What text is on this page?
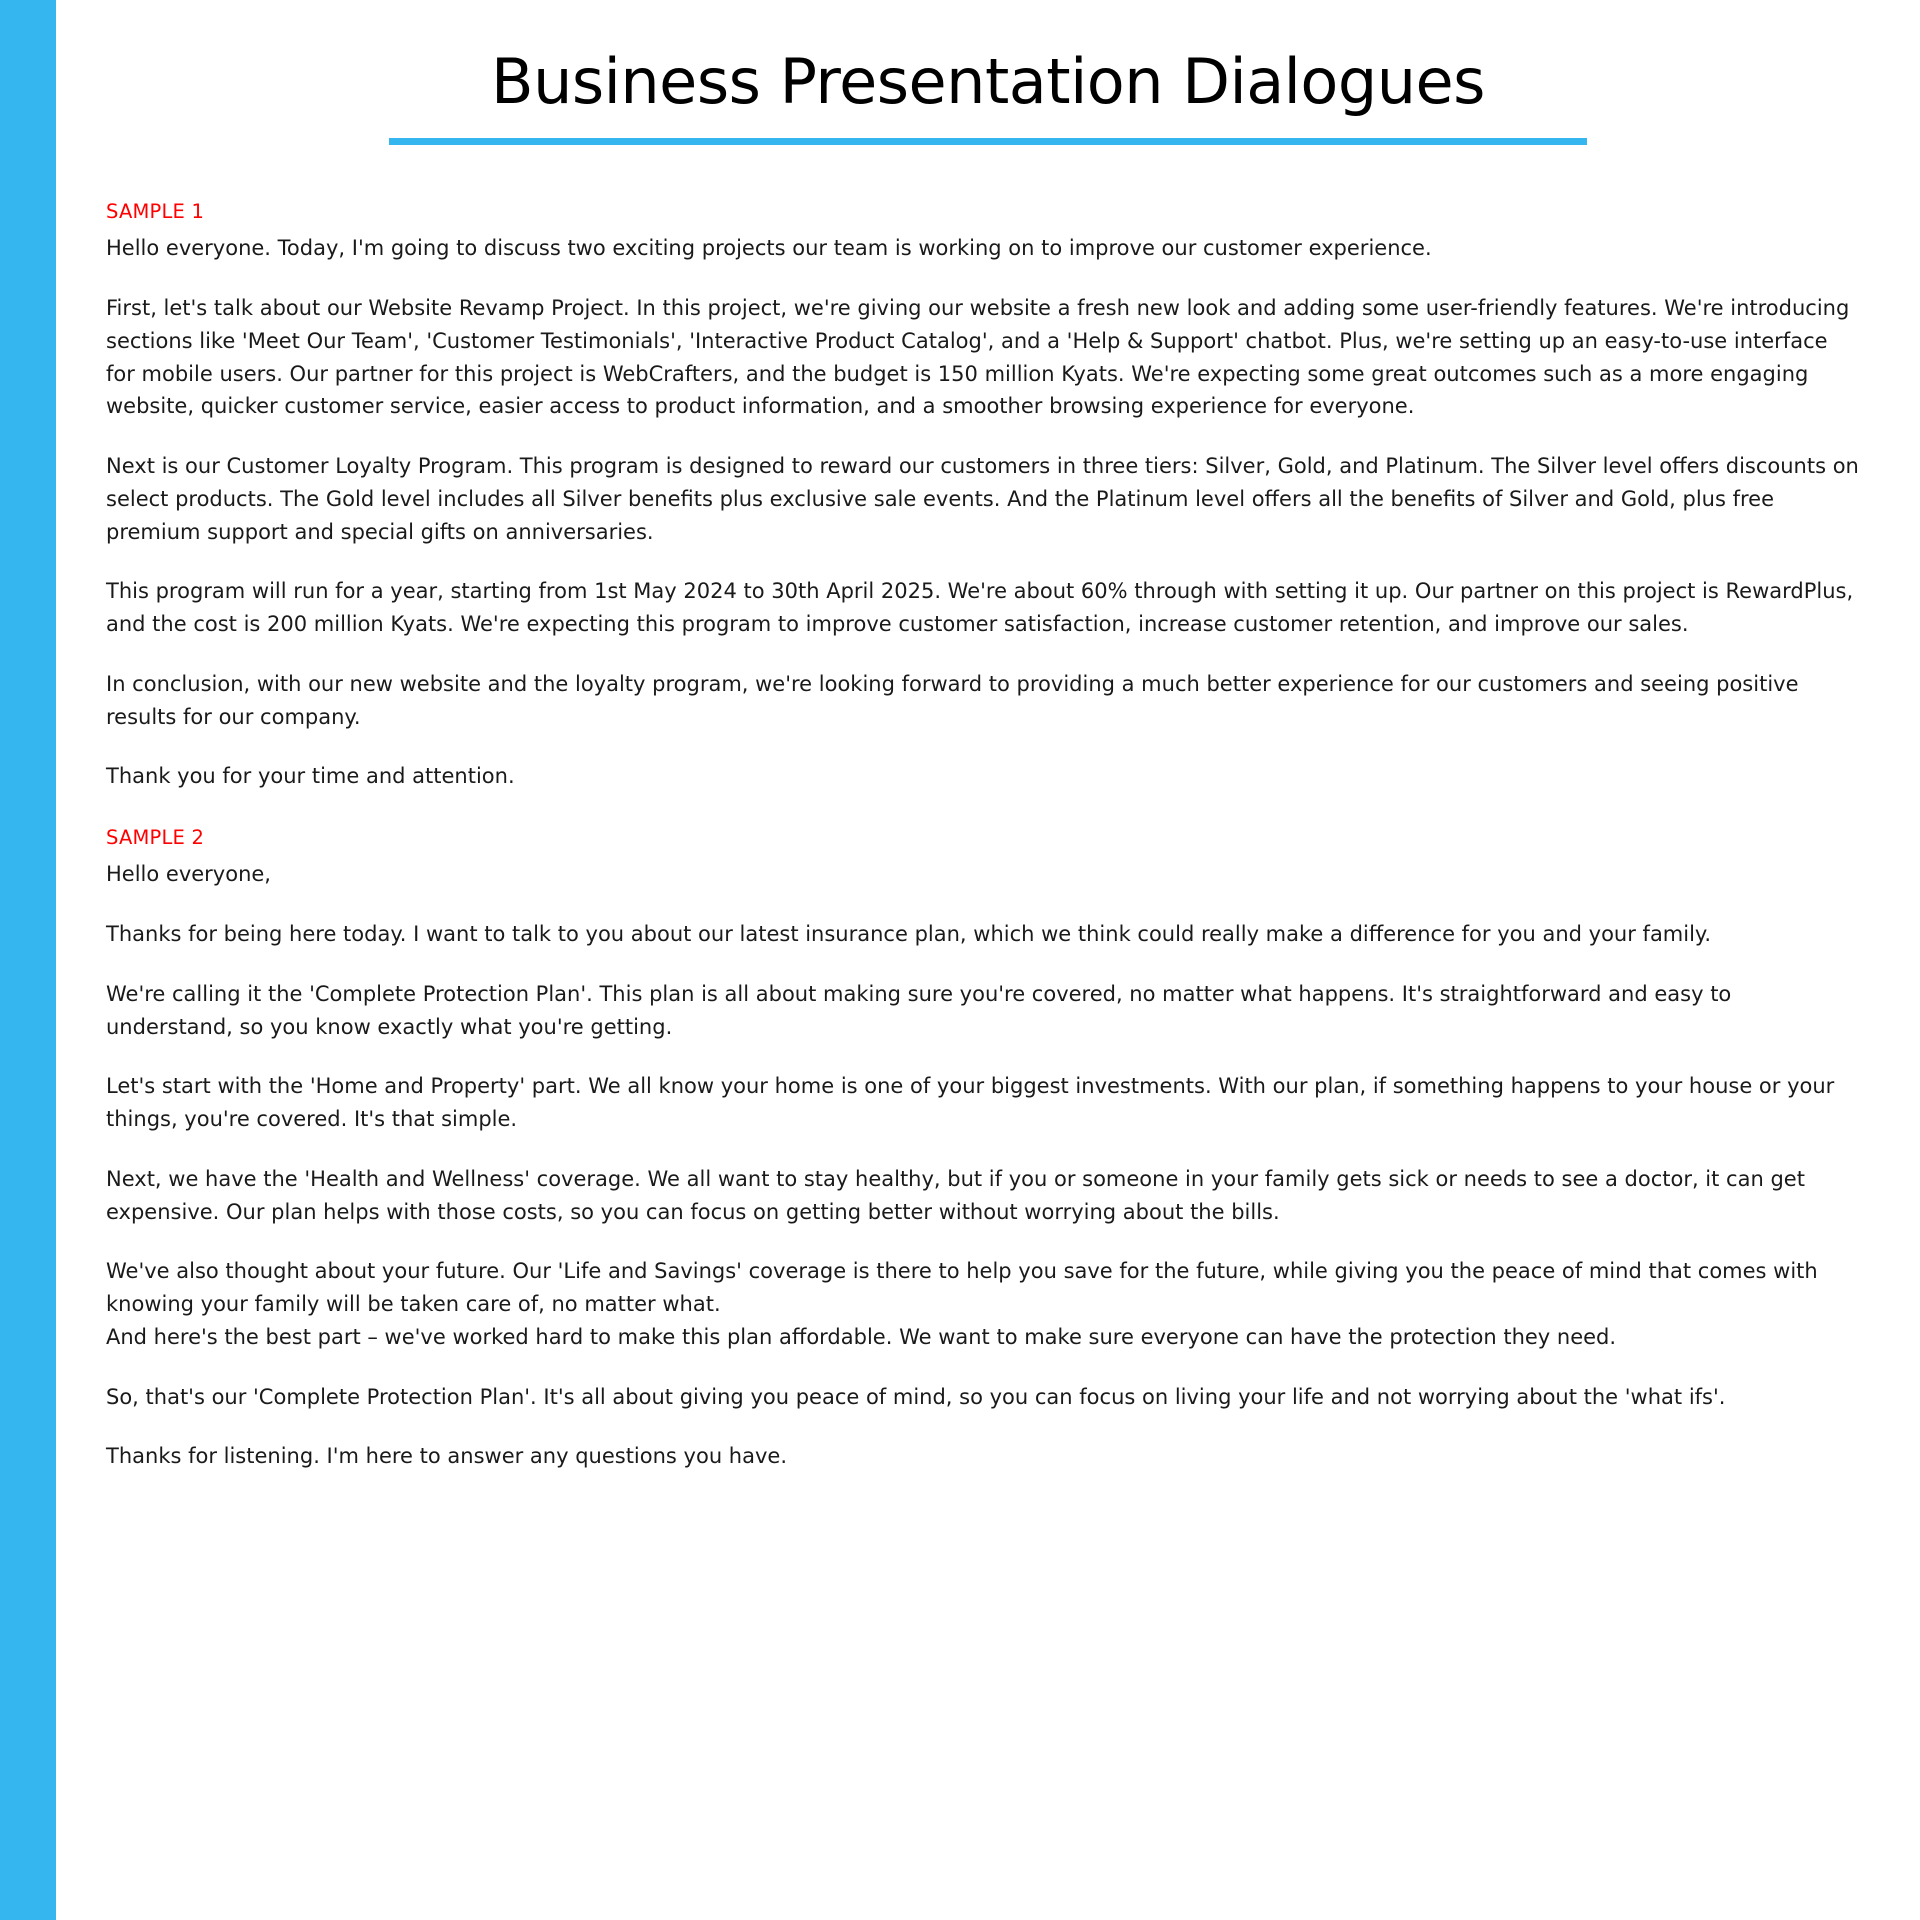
Business Presentation Dialogues
SAMPLE 1

Hello everyone. Today, I'm going to discuss two exciting projects our team is working on to improve our customer experience.

First, let's talk about our Website Revamp Project. In this project, we're giving our website a fresh new look and adding some user-friendly features. We're introducing sections like 'Meet Our Team', 'Customer Testimonials', 'Interactive Product Catalog', and a 'Help & Support' chatbot. Plus, we're setting up an easy-to-use interface for mobile users. Our partner for this project is WebCrafters, and the budget is 150 million Kyats. We're expecting some great outcomes such as a more engaging website, quicker customer service, easier access to product information, and a smoother browsing experience for everyone.

Next is our Customer Loyalty Program. This program is designed to reward our customers in three tiers: Silver, Gold, and Platinum. The Silver level offers discounts on select products. The Gold level includes all Silver benefits plus exclusive sale events. And the Platinum level offers all the benefits of Silver and Gold, plus free premium support and special gifts on anniversaries.

This program will run for a year, starting from 1st May 2024 to 30th April 2025. We're about 60% through with setting it up. Our partner on this project is RewardPlus, and the cost is 200 million Kyats. We're expecting this program to improve customer satisfaction, increase customer retention, and improve our sales.

In conclusion, with our new website and the loyalty program, we're looking forward to providing a much better experience for our customers and seeing positive results for our company.

Thank you for your time and attention.

SAMPLE 2

Hello everyone,

Thanks for being here today. I want to talk to you about our latest insurance plan, which we think could really make a difference for you and your family.

We're calling it the 'Complete Protection Plan'. This plan is all about making sure you're covered, no matter what happens. It's straightforward and easy to understand, so you know exactly what you're getting.

Let's start with the 'Home and Property' part. We all know your home is one of your biggest investments. With our plan, if something happens to your house or your things, you're covered. It's that simple.

Next, we have the 'Health and Wellness' coverage. We all want to stay healthy, but if you or someone in your family gets sick or needs to see a doctor, it can get expensive. Our plan helps with those costs, so you can focus on getting better without worrying about the bills.

We've also thought about your future. Our 'Life and Savings' coverage is there to help you save for the future, while giving you the peace of mind that comes with knowing your family will be taken care of, no matter what.

And here's the best part – we've worked hard to make this plan affordable. We want to make sure everyone can have the protection they need.

So, that's our 'Complete Protection Plan'. It's all about giving you peace of mind, so you can focus on living your life and not worrying about the 'what ifs'.

Thanks for listening. I'm here to answer any questions you have.
